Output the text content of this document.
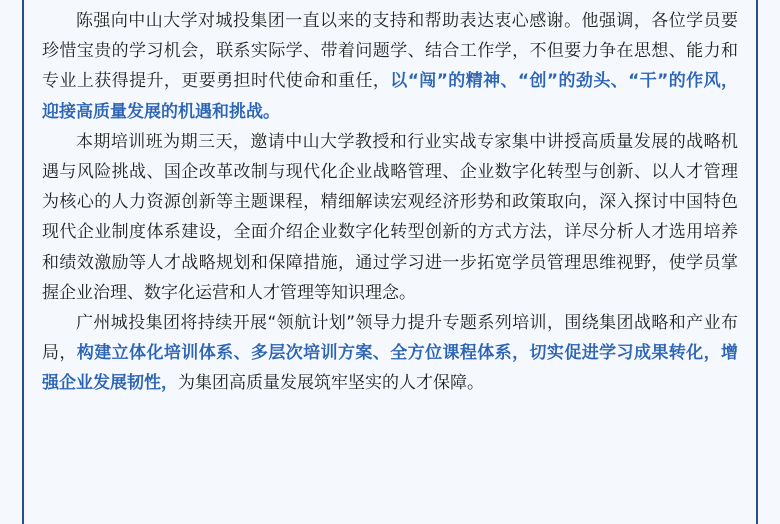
陈强向中山大学对城投集团一直以来的支持和帮助表达衷心感谢。他强调，各位学员要珍惜宝贵的学习机会，联系实际学、带着问题学、结合工作学，不但要力争在思想、能力和专业上获得提升，更要勇担时代使命和重任，以“闯”的精神、“创”的劲头、“干”的作风，迎接高质量发展的机遇和挑战。

本期培训班为期三天，邀请中山大学教授和行业实战专家集中讲授高质量发展的战略机遇与风险挑战、国企改革改制与现代化企业战略管理、企业数字化转型与创新、以人才管理为核心的人力资源创新等主题课程，精细解读宏观经济形势和政策取向，深入探讨中国特色现代企业制度体系建设，全面介绍企业数字化转型创新的方式方法，详尽分析人才选用培养和绩效激励等人才战略规划和保障措施，通过学习进一步拓宽学员管理思维视野，使学员掌握企业治理、数字化运营和人才管理等知识理念。

广州城投集团将持续开展“领航计划”领导力提升专题系列培训，围绕集团战略和产业布局，构建立体化培训体系、多层次培训方案、全方位课程体系，切实促进学习成果转化，增强企业发展韧性，为集团高质量发展筑牢坚实的人才保障。
